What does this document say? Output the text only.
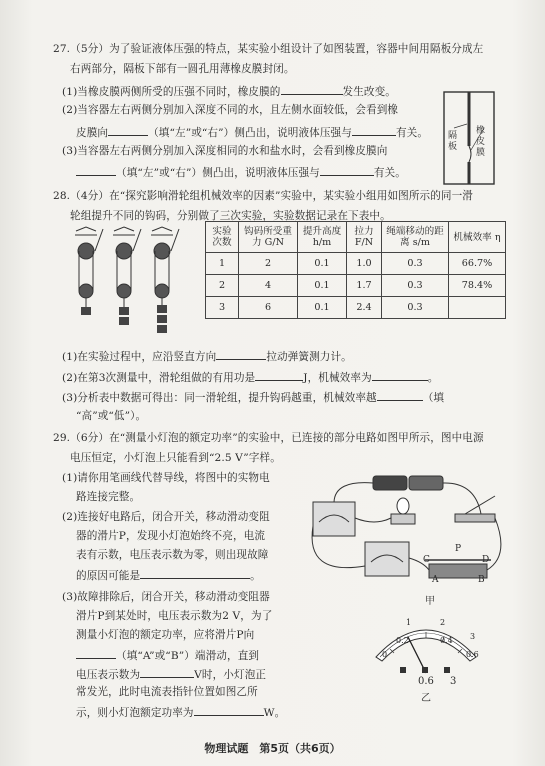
27.（5分）为了验证液体压强的特点，某实验小组设计了如图装置，容器中间用隔板分成左
右两部分，隔板下部有一圆孔用薄橡皮膜封闭。
(1)当橡皮膜两侧所受的压强不同时，橡皮膜的	发生改变。
(2)当容器左右两侧分别加入深度不同的水，且左侧水面较低，会看到橡
皮膜向	（填“左”或“右”）侧凸出，说明液体压强与	有关。
(3)当容器左右两侧分别加入深度相同的水和盐水时，会看到橡皮膜向
（填“左”或“右”）侧凸出，说明液体压强与	有关。
隔板
橡皮膜
28.（4分）在“探究影响滑轮组机械效率的因素”实验中，某实验小组用如图所示的同一滑
轮组提升不同的钩码，分别做了三次实验，实验数据记录在下表中。
实验次数	钩码所受重力 G/N	提升高度 h/m	拉力 F/N	绳端移动的距离 s/m	机械效率 η
1	2	0.1	1.0	0.3	66.7%
2	4	0.1	1.7	0.3	78.4%
3	6	0.1	2.4	0.3	
(1)在实验过程中，应沿竖直方向	拉动弹簧测力计。
(2)在第3次测量中，滑轮组做的有用功是	J，机械效率为	。
(3)分析表中数据可得出：同一滑轮组，提升钩码越重，机械效率越	（填
“高”或“低”）。
29.（6分）在“测量小灯泡的额定功率”的实验中，已连接的部分电路如图甲所示，图中电源
电压恒定，小灯泡上只能看到“2.5 V”字样。
(1)请你用笔画线代替导线，将图中的实物电
路连接完整。
(2)连接好电路后，闭合开关，移动滑动变阻
器的滑片P，发现小灯泡始终不亮，电流
表有示数，电压表示数为零，则出现故障
的原因可能是	。
(3)故障排除后，闭合开关，移动滑动变阻器
滑片P到某处时，电压表示数为2 V，为了
测量小灯泡的额定功率，应将滑片P向
（填“A”或“B”）端滑动，直到
电压表示数为	V时，小灯泡正
常发光，此时电流表指针位置如图乙所
示，则小灯泡额定功率为	W。
C
P
D
A	B
甲
1	2
0.2	0.4
0	0.6
3
0.6 3
乙
物理试题　第5页（共6页）
